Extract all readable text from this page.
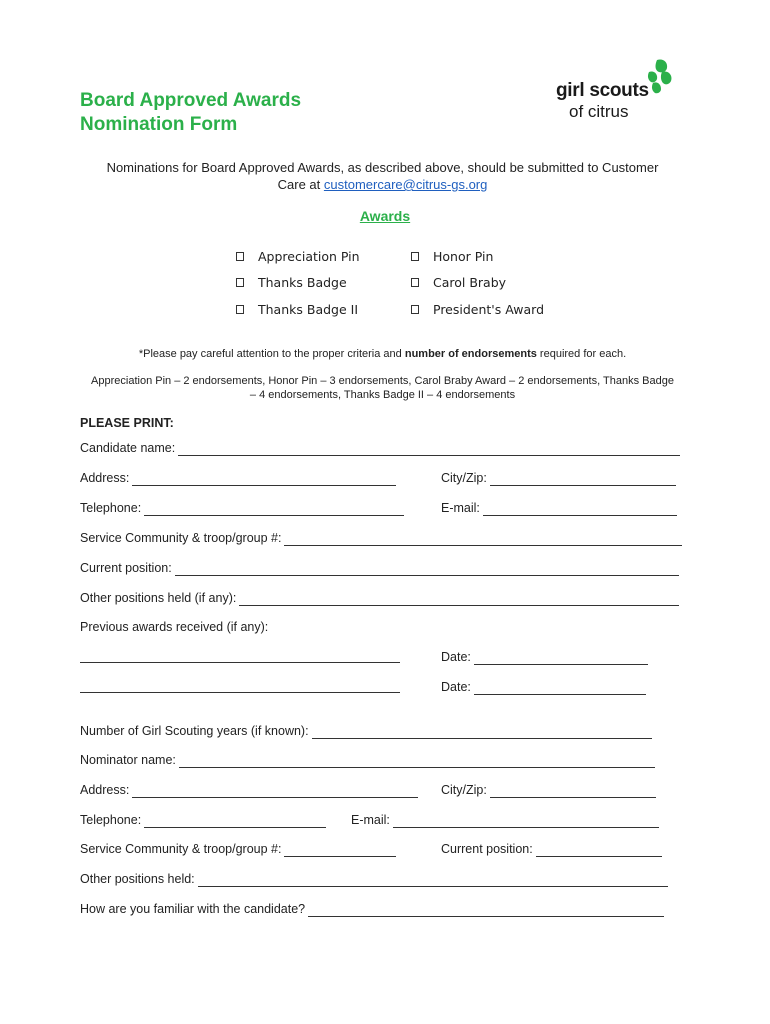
Board Approved Awards
Nomination Form
girl scouts
of citrus
Nominations for Board Approved Awards, as described above, should be submitted to Customer
Care at customercare@citrus-gs.org
Awards
Appreciation Pin	Honor Pin
Thanks Badge	Carol Braby
Thanks Badge II	President's Award
*Please pay careful attention to the proper criteria and number of endorsements required for each.
Appreciation Pin – 2 endorsements, Honor Pin – 3 endorsements, Carol Braby Award – 2 endorsements, Thanks Badge
– 4 endorsements, Thanks Badge II – 4 endorsements
PLEASE PRINT:
Candidate name:
Address:	City/Zip:
Telephone:	E-mail:
Service Community & troop/group #:
Current position:
Other positions held (if any):
Previous awards received (if any):
Date:
Date:
Number of Girl Scouting years (if known):
Nominator name:
Address:	City/Zip:
Telephone:	E-mail:
Service Community & troop/group #:	Current position:
Other positions held:
How are you familiar with the candidate?
